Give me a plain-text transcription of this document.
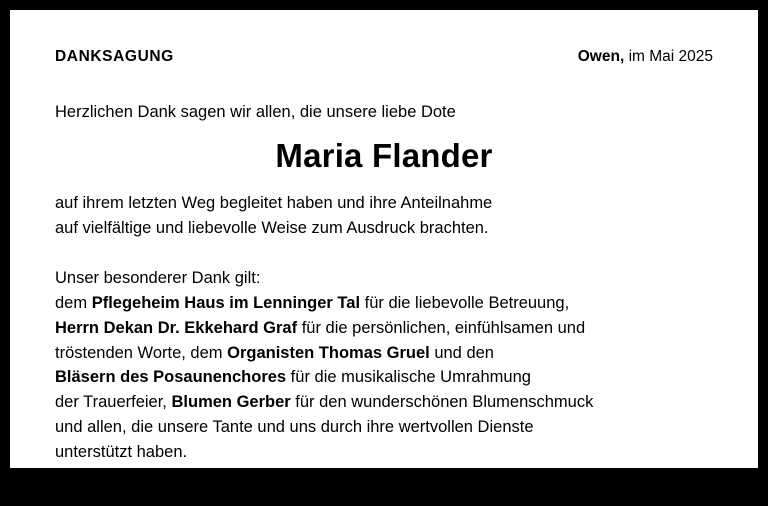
DANKSAGUNG	Owen, im Mai 2025
Herzlichen Dank sagen wir allen, die unsere liebe Dote
Maria Flander
auf ihrem letzten Weg begleitet haben und ihre Anteilnahme
auf vielfältige und liebevolle Weise zum Ausdruck brachten.
Unser besonderer Dank gilt:
dem Pflegeheim Haus im Lenninger Tal für die liebevolle Betreuung,
Herrn Dekan Dr. Ekkehard Graf für die persönlichen, einfühlsamen und
tröstenden Worte, dem Organisten Thomas Gruel und den
Bläsern des Posaunenchores für die musikalische Umrahmung
der Trauerfeier, Blumen Gerber für den wunderschönen Blumenschmuck
und allen, die unsere Tante und uns durch ihre wertvollen Dienste
unterstützt haben.
Familien Barner und Busch
